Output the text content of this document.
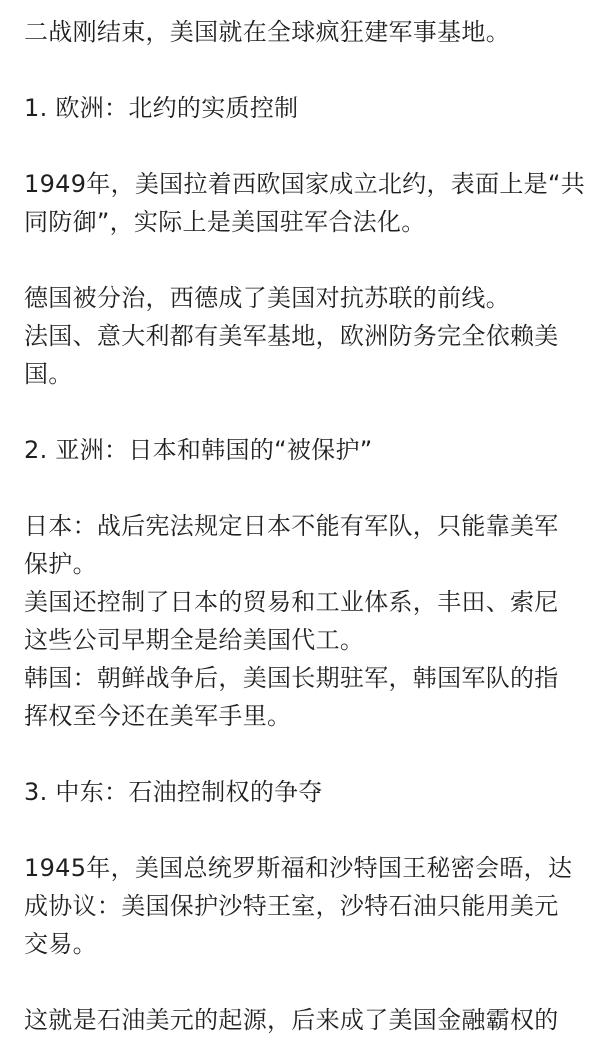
二战刚结束，美国就在全球疯狂建军事基地。
1. 欧洲：北约的实质控制
1949年，美国拉着西欧国家成立北约，表面上是“共
同防御”，实际上是美国驻军合法化。
德国被分治，西德成了美国对抗苏联的前线。
法国、意大利都有美军基地，欧洲防务完全依赖美
国。
2. 亚洲：日本和韩国的“被保护”
日本：战后宪法规定日本不能有军队，只能靠美军
保护。
美国还控制了日本的贸易和工业体系，丰田、索尼
这些公司早期全是给美国代工。
韩国：朝鲜战争后，美国长期驻军，韩国军队的指
挥权至今还在美军手里。
3. 中东：石油控制权的争夺
1945年，美国总统罗斯福和沙特国王秘密会晤，达
成协议：美国保护沙特王室，沙特石油只能用美元
交易。
这就是石油美元的起源，后来成了美国金融霸权的
